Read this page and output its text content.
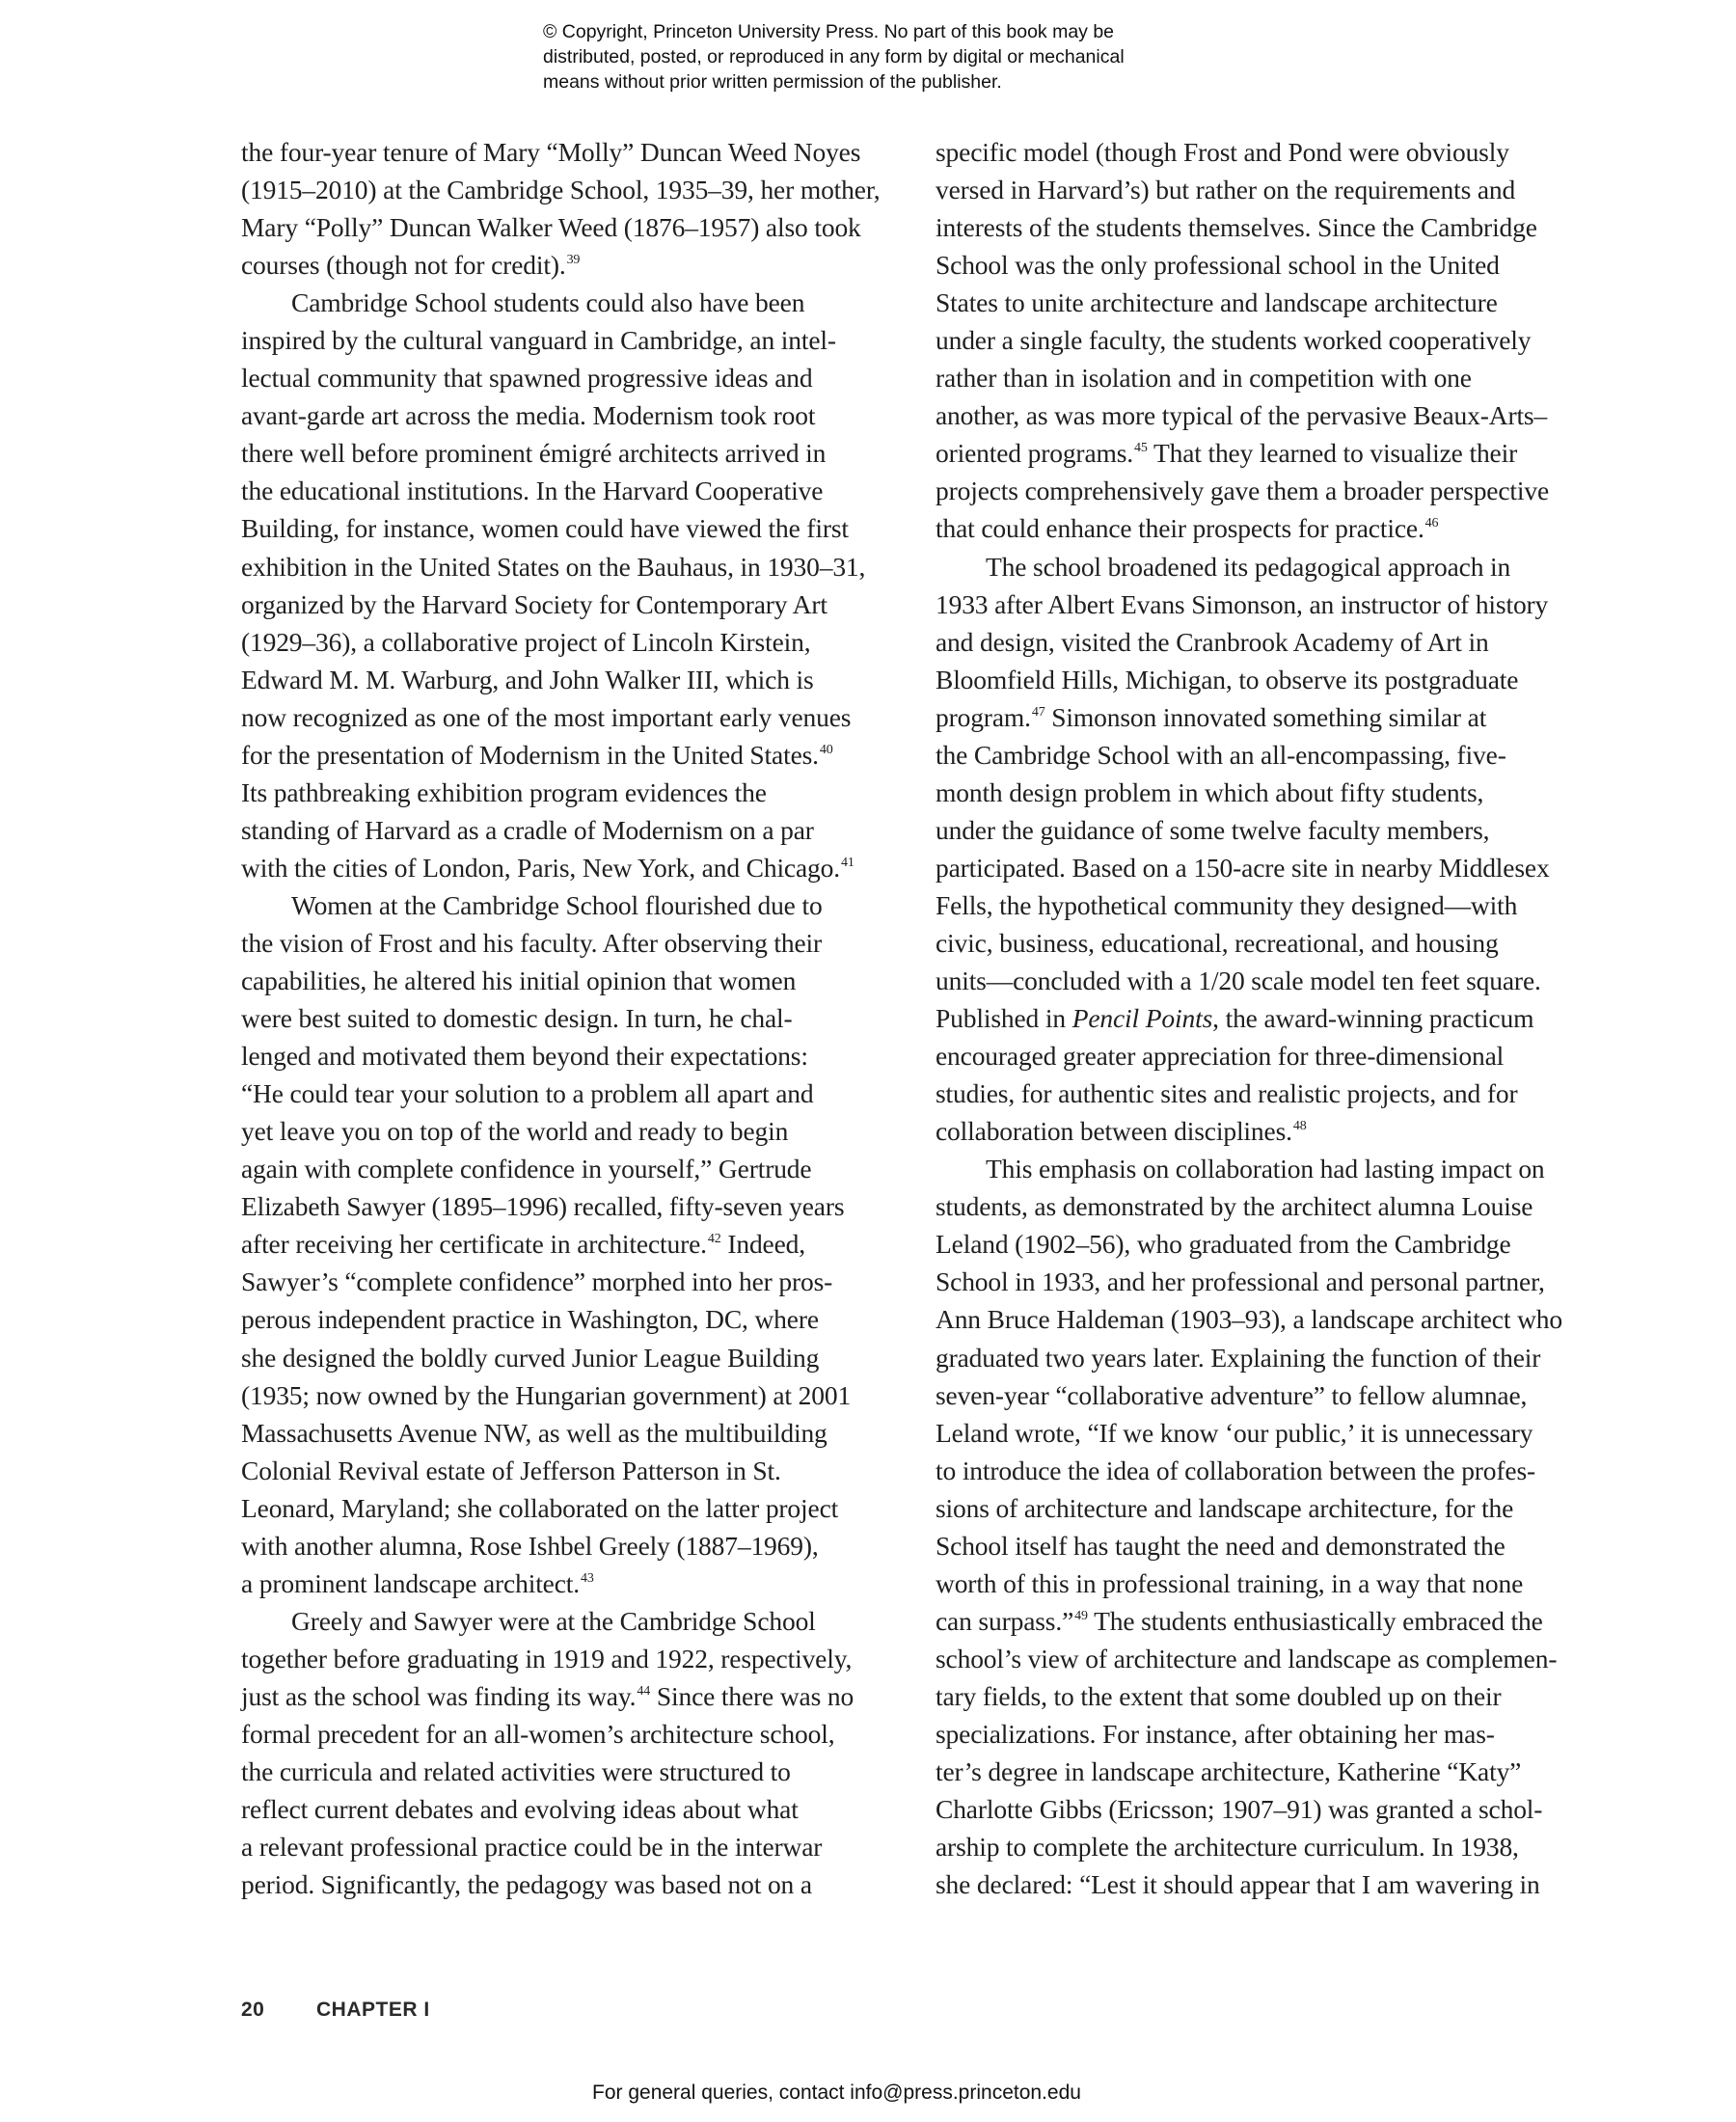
© Copyright, Princeton University Press. No part of this book may be
distributed, posted, or reproduced in any form by digital or mechanical
means without prior written permission of the publisher.
the four-year tenure of Mary “Molly” Duncan Weed Noyes
(1915–2010) at the Cambridge School, 1935–39, her mother,
Mary “Polly” Duncan Walker Weed (1876–1957) also took
courses (though not for credit).$^{39}$
Cambridge School students could also have been
inspired by the cultural vanguard in Cambridge, an intel-
lectual community that spawned progressive ideas and
avant-garde art across the media. Modernism took root
there well before prominent émigré architects arrived in
the educational institutions. In the Harvard Cooperative
Building, for instance, women could have viewed the first
exhibition in the United States on the Bauhaus, in 1930–31,
organized by the Harvard Society for Contemporary Art
(1929–36), a collaborative project of Lincoln Kirstein,
Edward M. M. Warburg, and John Walker III, which is
now recognized as one of the most important early venues
for the presentation of Modernism in the United States.$^{40}$
Its pathbreaking exhibition program evidences the
standing of Harvard as a cradle of Modernism on a par
with the cities of London, Paris, New York, and Chicago.$^{41}$
Women at the Cambridge School flourished due to
the vision of Frost and his faculty. After observing their
capabilities, he altered his initial opinion that women
were best suited to domestic design. In turn, he chal-
lenged and motivated them beyond their expectations:
“He could tear your solution to a problem all apart and
yet leave you on top of the world and ready to begin
again with complete confidence in yourself,” Gertrude
Elizabeth Sawyer (1895–1996) recalled, fifty-seven years
after receiving her certificate in architecture.$^{42}$ Indeed,
Sawyer’s “complete confidence” morphed into her pros-
perous independent practice in Washington, DC, where
she designed the boldly curved Junior League Building
(1935; now owned by the Hungarian government) at 2001
Massachusetts Avenue NW, as well as the multibuilding
Colonial Revival estate of Jefferson Patterson in St.
Leonard, Maryland; she collaborated on the latter project
with another alumna, Rose Ishbel Greely (1887–1969),
a prominent landscape architect.$^{43}$
Greely and Sawyer were at the Cambridge School
together before graduating in 1919 and 1922, respectively,
just as the school was finding its way.$^{44}$ Since there was no
formal precedent for an all-women’s architecture school,
the curricula and related activities were structured to
reflect current debates and evolving ideas about what
a relevant professional practice could be in the interwar
period. Significantly, the pedagogy was based not on a
specific model (though Frost and Pond were obviously
versed in Harvard’s) but rather on the requirements and
interests of the students themselves. Since the Cambridge
School was the only professional school in the United
States to unite architecture and landscape architecture
under a single faculty, the students worked cooperatively
rather than in isolation and in competition with one
another, as was more typical of the pervasive Beaux-Arts–
oriented programs.$^{45}$ That they learned to visualize their
projects comprehensively gave them a broader perspective
that could enhance their prospects for practice.$^{46}$
The school broadened its pedagogical approach in
1933 after Albert Evans Simonson, an instructor of history
and design, visited the Cranbrook Academy of Art in
Bloomfield Hills, Michigan, to observe its postgraduate
program.$^{47}$ Simonson innovated something similar at
the Cambridge School with an all-encompassing, five-
month design problem in which about fifty students,
under the guidance of some twelve faculty members,
participated. Based on a 150-acre site in nearby Middlesex
Fells, the hypothetical community they designed—with
civic, business, educational, recreational, and housing
units—concluded with a 1/20 scale model ten feet square.
Published in Pencil Points, the award-winning practicum
encouraged greater appreciation for three-dimensional
studies, for authentic sites and realistic projects, and for
collaboration between disciplines.$^{48}$
This emphasis on collaboration had lasting impact on
students, as demonstrated by the architect alumna Louise
Leland (1902–56), who graduated from the Cambridge
School in 1933, and her professional and personal partner,
Ann Bruce Haldeman (1903–93), a landscape architect who
graduated two years later. Explaining the function of their
seven-year “collaborative adventure” to fellow alumnae,
Leland wrote, “If we know ‘our public,’ it is unnecessary
to introduce the idea of collaboration between the profes-
sions of architecture and landscape architecture, for the
School itself has taught the need and demonstrated the
worth of this in professional training, in a way that none
can surpass.”$^{49}$ The students enthusiastically embraced the
school’s view of architecture and landscape as complemen-
tary fields, to the extent that some doubled up on their
specializations. For instance, after obtaining her mas-
ter’s degree in landscape architecture, Katherine “Katy”
Charlotte Gibbs (Ericsson; 1907–91) was granted a schol-
arship to complete the architecture curriculum. In 1938,
she declared: “Lest it should appear that I am wavering in
20	CHAPTER I
For general queries, contact info@press.princeton.edu
